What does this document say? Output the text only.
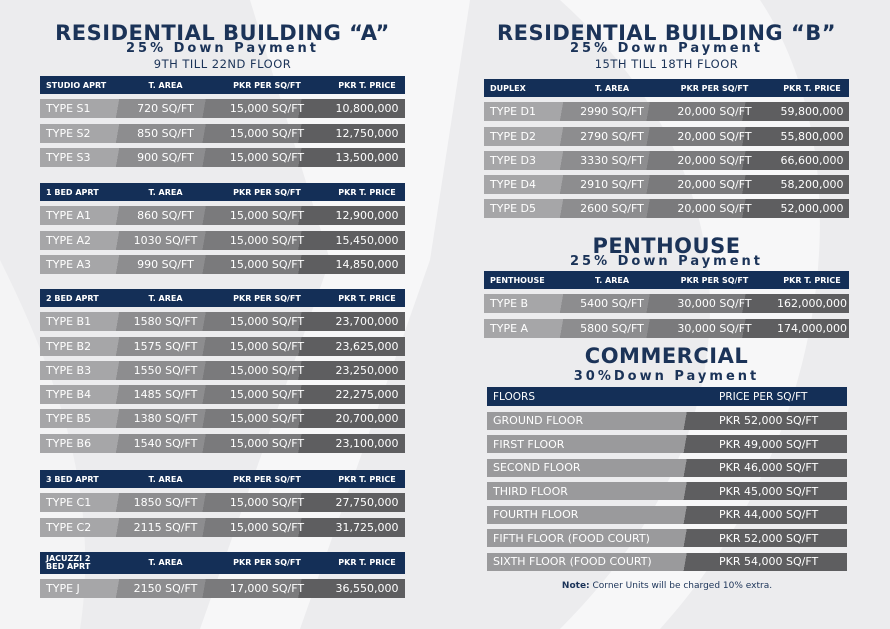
RESIDENTIAL BUILDING “A”
25% Down Payment
9TH TILL 22ND FLOOR
RESIDENTIAL BUILDING “B”
25% Down Payment
15TH TILL 18TH FLOOR
PENTHOUSE
25% Down Payment
COMMERCIAL
30%Down Payment
STUDIO APRT	T. AREA	PKR PER SQ/FT	PKR T. PRICE
TYPE S1	720 SQ/FT	15,000 SQ/FT	10,800,000
TYPE S2	850 SQ/FT	15,000 SQ/FT	12,750,000
TYPE S3	900 SQ/FT	15,000 SQ/FT	13,500,000
1 BED APRT	T. AREA	PKR PER SQ/FT	PKR T. PRICE
TYPE A1	860 SQ/FT	15,000 SQ/FT	12,900,000
TYPE A2	1030 SQ/FT	15,000 SQ/FT	15,450,000
TYPE A3	990 SQ/FT	15,000 SQ/FT	14,850,000
2 BED APRT	T. AREA	PKR PER SQ/FT	PKR T. PRICE
TYPE B1	1580 SQ/FT	15,000 SQ/FT	23,700,000
TYPE B2	1575 SQ/FT	15,000 SQ/FT	23,625,000
TYPE B3	1550 SQ/FT	15,000 SQ/FT	23,250,000
TYPE B4	1485 SQ/FT	15,000 SQ/FT	22,275,000
TYPE B5	1380 SQ/FT	15,000 SQ/FT	20,700,000
TYPE B6	1540 SQ/FT	15,000 SQ/FT	23,100,000
3 BED APRT	T. AREA	PKR PER SQ/FT	PKR T. PRICE
TYPE C1	1850 SQ/FT	15,000 SQ/FT	27,750,000
TYPE C2	2115 SQ/FT	15,000 SQ/FT	31,725,000
JACUZZI 2 BED APRT	T. AREA	PKR PER SQ/FT	PKR T. PRICE
TYPE J	2150 SQ/FT	17,000 SQ/FT	36,550,000
DUPLEX	T. AREA	PKR PER SQ/FT	PKR T. PRICE
TYPE D1	2990 SQ/FT	20,000 SQ/FT	59,800,000
TYPE D2	2790 SQ/FT	20,000 SQ/FT	55,800,000
TYPE D3	3330 SQ/FT	20,000 SQ/FT	66,600,000
TYPE D4	2910 SQ/FT	20,000 SQ/FT	58,200,000
TYPE D5	2600 SQ/FT	20,000 SQ/FT	52,000,000
PENTHOUSE	T. AREA	PKR PER SQ/FT	PKR T. PRICE
TYPE B	5400 SQ/FT	30,000 SQ/FT	162,000,000
TYPE A	5800 SQ/FT	30,000 SQ/FT	174,000,000
FLOORS	PRICE PER SQ/FT
GROUND FLOOR	PKR 52,000 SQ/FT
FIRST FLOOR	PKR 49,000 SQ/FT
SECOND FLOOR	PKR 46,000 SQ/FT
THIRD FLOOR	PKR 45,000 SQ/FT
FOURTH FLOOR	PKR 44,000 SQ/FT
FIFTH FLOOR (FOOD COURT)	PKR 52,000 SQ/FT
SIXTH FLOOR (FOOD COURT)	PKR 54,000 SQ/FT
Note: Corner Units will be charged 10% extra.
